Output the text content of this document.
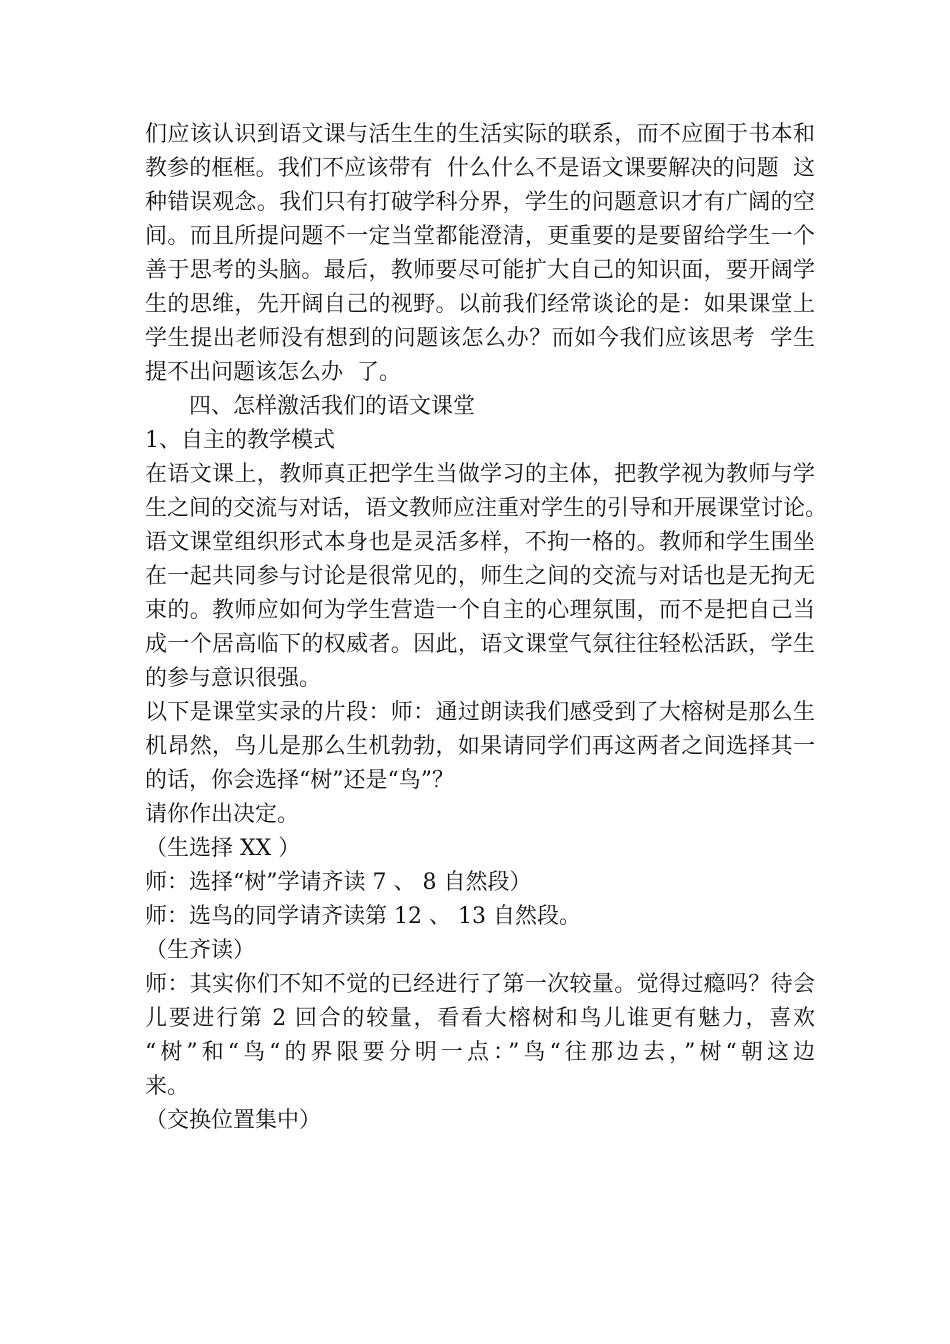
们应该认识到语文课与活生生的生活实际的联系，而不应囿于书本和
教参的框框。我们不应该带有  什么什么不是语文课要解决的问题  这
种错误观念。我们只有打破学科分界，学生的问题意识才有广阔的空
间。而且所提问题不一定当堂都能澄清，更重要的是要留给学生一个
善于思考的头脑。最后，教师要尽可能扩大自己的知识面，要开阔学
生的思维，先开阔自己的视野。以前我们经常谈论的是：如果课堂上
学生提出老师没有想到的问题该怎么办？而如今我们应该思考  学生
提不出问题该怎么办  了。
四、怎样激活我们的语文课堂
1、自主的教学模式
在语文课上，教师真正把学生当做学习的主体，把教学视为教师与学
生之间的交流与对话，语文教师应注重对学生的引导和开展课堂讨论。
语文课堂组织形式本身也是灵活多样，不拘一格的。教师和学生围坐
在一起共同参与讨论是很常见的，师生之间的交流与对话也是无拘无
束的。教师应如何为学生营造一个自主的心理氛围，而不是把自己当
成一个居高临下的权威者。因此，语文课堂气氛往往轻松活跃，学生
的参与意识很强。
以下是课堂实录的片段：师：通过朗读我们感受到了大榕树是那么生
机昂然，鸟儿是那么生机勃勃，如果请同学们再这两者之间选择其一
的话，你会选择“树”还是“鸟”？
请你作出决定。
（生选择 XX ）
师：选择“树”学请齐读 7 、 8 自然段）
师：选鸟的同学请齐读第 12 、 13 自然段。
（生齐读）
师：其实你们不知不觉的已经进行了第一次较量。觉得过瘾吗？待会
儿要进行第 2 回合的较量，看看大榕树和鸟儿谁更有魅力，喜欢
“树”和“鸟“的界限要分明一点：”鸟“往那边去，”树“朝这边
来。
（交换位置集中）
